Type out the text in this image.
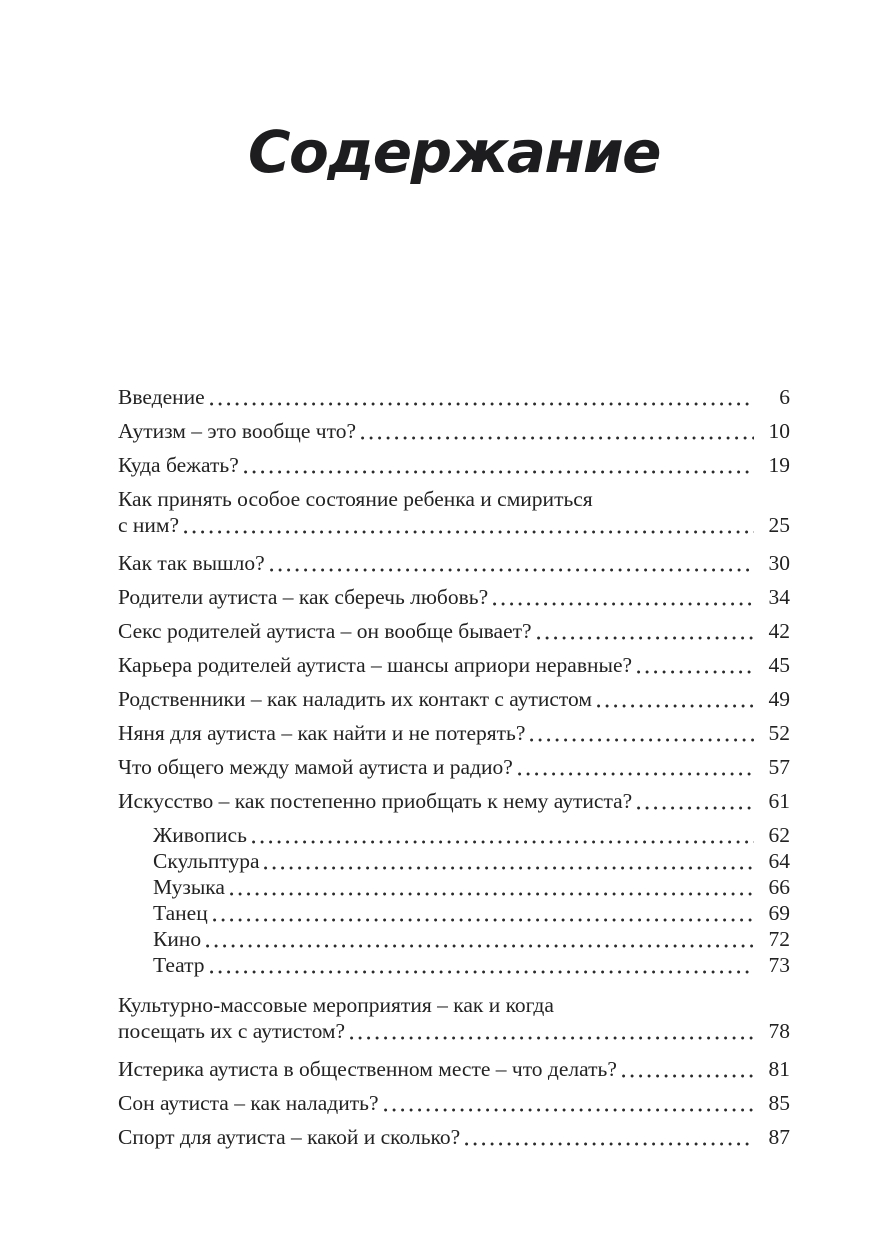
Содержание
Введение	6
Аутизм – это вообще что?	10
Куда бежать?	19
Как принять особое состояние ребенка и смириться
с ним?	25
Как так вышло?	30
Родители аутиста – как сберечь любовь?	34
Секс родителей аутиста – он вообще бывает?	42
Карьера родителей аутиста – шансы априори неравные?	45
Родственники – как наладить их контакт с аутистом	49
Няня для аутиста – как найти и не потерять?	52
Что общего между мамой аутиста и радио?	57
Искусство – как постепенно приобщать к нему аутиста?	61
Живопись	62
Скульптура	64
Музыка	66
Танец	69
Кино	72
Театр	73
Культурно-массовые мероприятия – как и когда
посещать их с аутистом?	78
Истерика аутиста в общественном месте – что делать?	81
Сон аутиста – как наладить?	85
Спорт для аутиста – какой и сколько?	87
